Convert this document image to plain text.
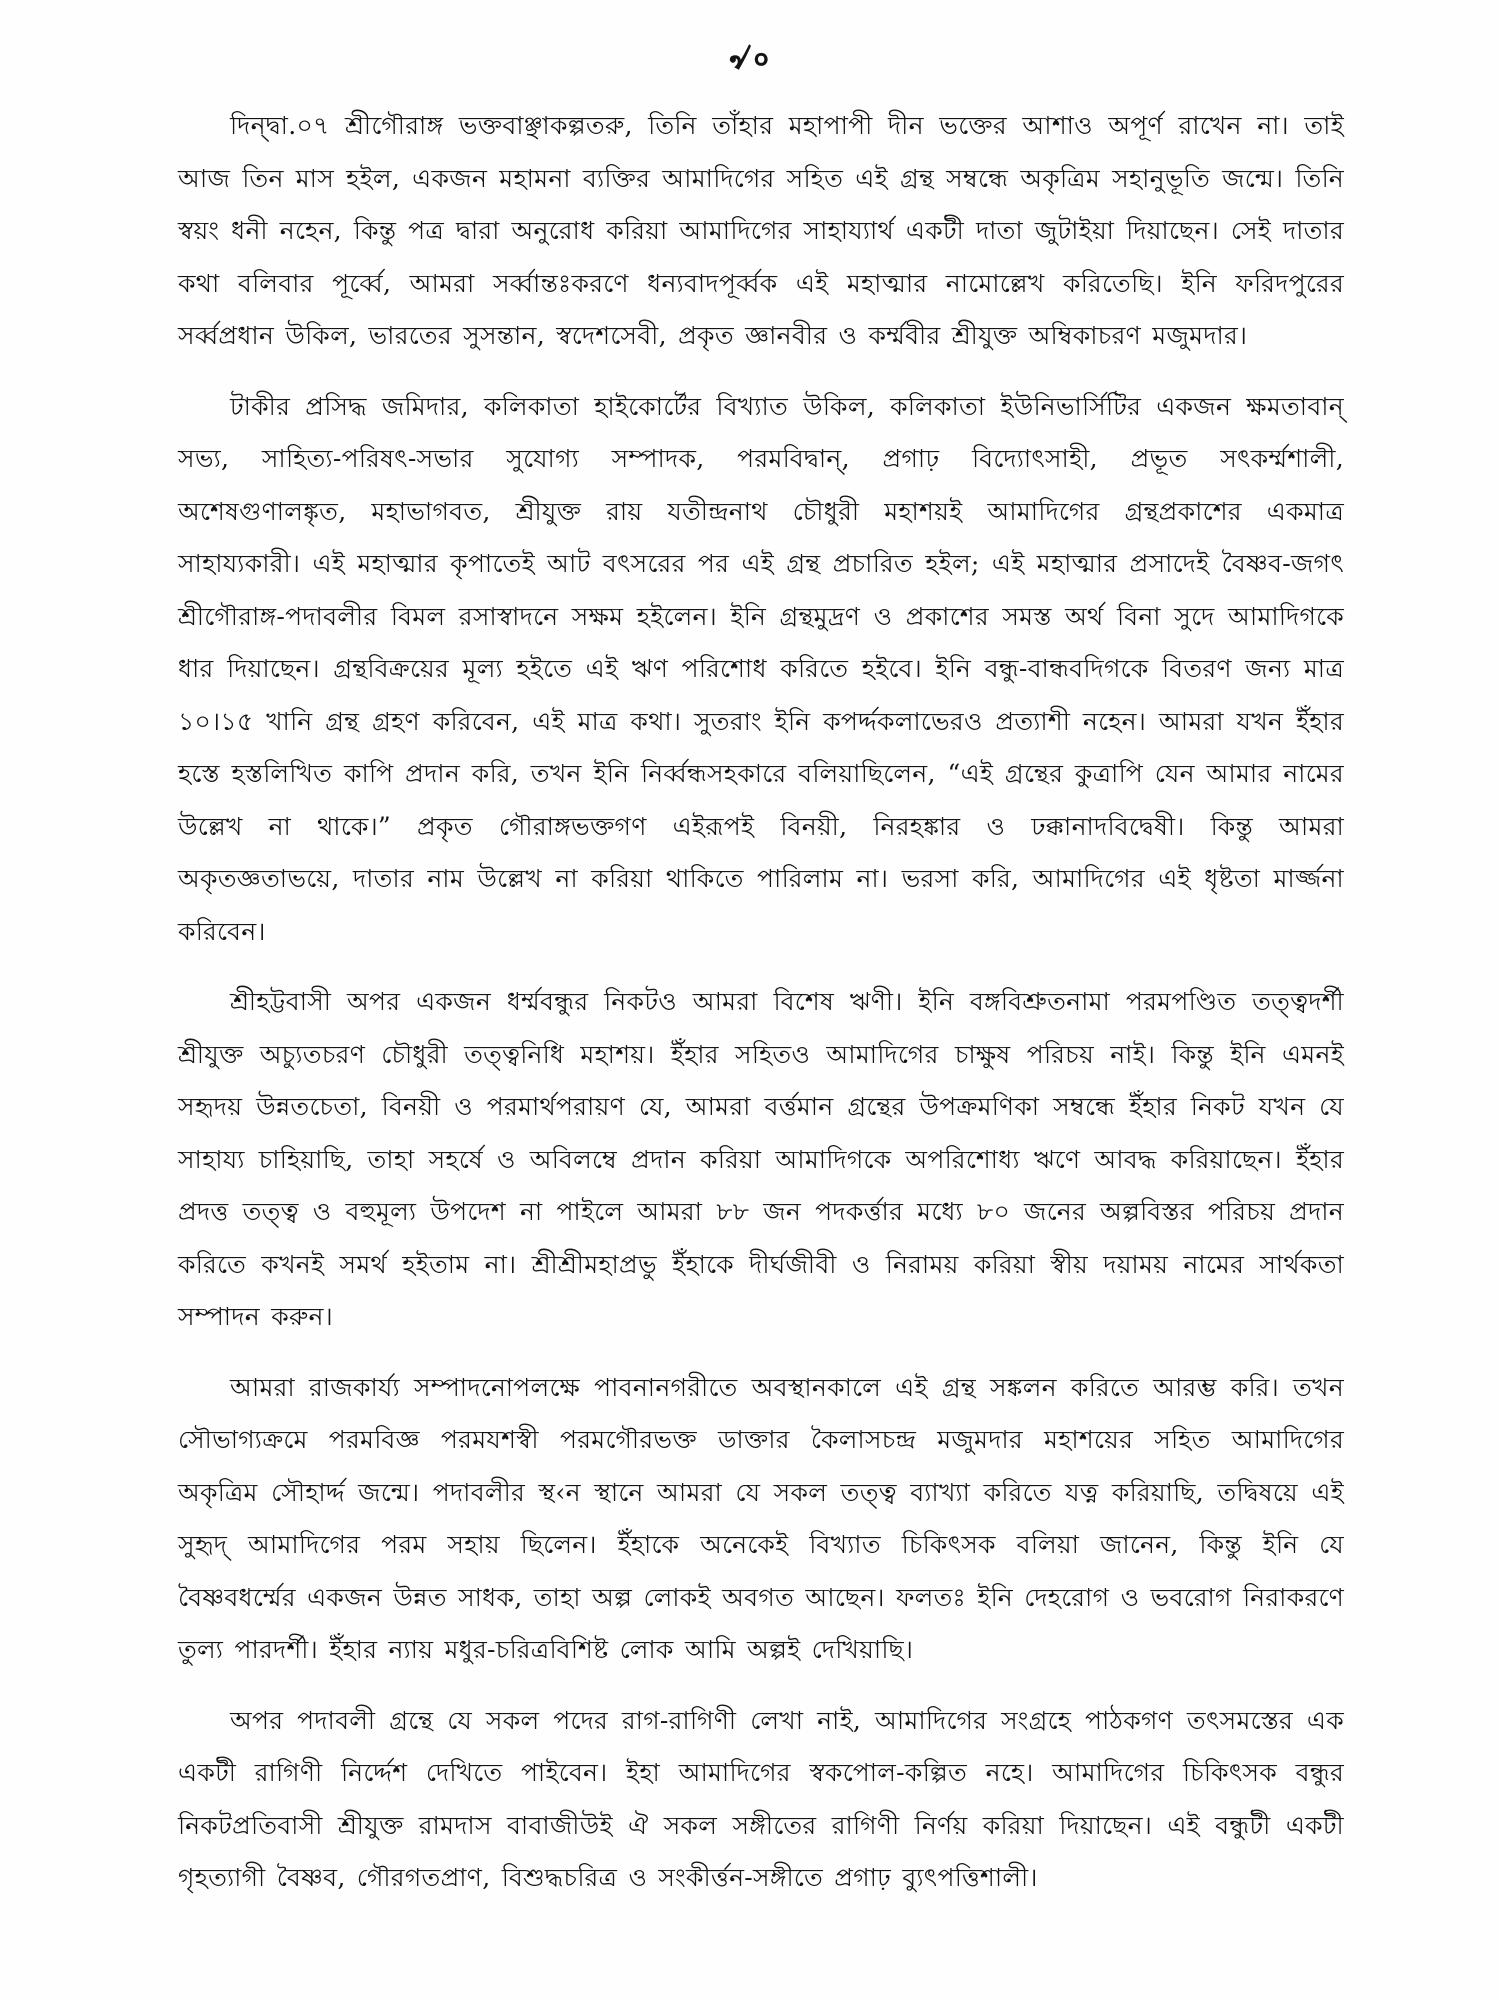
৵৹

দিন্দ্বা.০৭ শ্রীগৌরাঙ্গ ভক্তবাঞ্ছাকল্পতরু, তিনি তাঁহার মহাপাপী দীন ভক্তের আশাও অপূর্ণ রাখেন না। তাই আজ তিন মাস হইল, একজন মহামনা ব্যক্তির আমাদিগের সহিত এই গ্রন্থ সম্বন্ধে অকৃত্রিম সহানুভূতি জন্মে। তিনি স্বয়ং ধনী নহেন, কিন্তু পত্র দ্বারা অনুরোধ করিয়া আমাদিগের সাহায্যার্থ একটী দাতা জুটাইয়া দিয়াছেন। সেই দাতার কথা বলিবার পূর্ব্বে, আমরা সর্ব্বান্তঃকরণে ধন্যবাদপূর্ব্বক এই মহাত্মার নামোল্লেখ করিতেছি। ইনি ফরিদপুরের সর্ব্বপ্রধান উকিল, ভারতের সুসন্তান, স্বদেশসেবী, প্রকৃত জ্ঞানবীর ও কর্ম্মবীর শ্রীযুক্ত অম্বিকাচরণ মজুমদার।

টাকীর প্রসিদ্ধ জমিদার, কলিকাতা হাইকোর্টের বিখ্যাত উকিল, কলিকাতা ইউনিভার্সিটির একজন ক্ষমতাবান্ সভ্য, সাহিত্য-পরিষৎ-সভার সুযোগ্য সম্পাদক, পরমবিদ্বান্, প্রগাঢ় বিদ্যোৎসাহী, প্রভূত সৎকর্ম্মশালী, অশেষগুণালঙ্কৃত, মহাভাগবত, শ্রীযুক্ত রায় যতীন্দ্রনাথ চৌধুরী মহাশয়ই আমাদিগের গ্রন্থপ্রকাশের একমাত্র সাহায্যকারী। এই মহাত্মার কৃপাতেই আট বৎসরের পর এই গ্রন্থ প্রচারিত হইল; এই মহাত্মার প্রসাদেই বৈষ্ণব-জগৎ শ্রীগৌরাঙ্গ-পদাবলীর বিমল রসাস্বাদনে সক্ষম হইলেন। ইনি গ্রন্থমুদ্রণ ও প্রকাশের সমস্ত অর্থ বিনা সুদে আমাদিগকে ধার দিয়াছেন। গ্রন্থবিক্রয়ের মূল্য হইতে এই ঋণ পরিশোধ করিতে হইবে। ইনি বন্ধু-বান্ধবদিগকে বিতরণ জন্য মাত্র ১০।১৫ খানি গ্রন্থ গ্রহণ করিবেন, এই মাত্র কথা। সুতরাং ইনি কপর্দ্দকলাভেরও প্রত্যাশী নহেন। আমরা যখন ইঁহার হস্তে হস্তলিখিত কাপি প্রদান করি, তখন ইনি নির্ব্বন্ধসহকারে বলিয়াছিলেন, “এই গ্রন্থের কুত্রাপি যেন আমার নামের উল্লেখ না থাকে।” প্রকৃত গৌরাঙ্গভক্তগণ এইরূপই বিনয়ী, নিরহঙ্কার ও ঢক্কানাদবিদ্বেষী। কিন্তু আমরা অকৃতজ্ঞতাভয়ে, দাতার নাম উল্লেখ না করিয়া থাকিতে পারিলাম না। ভরসা করি, আমাদিগের এই ধৃষ্টতা মার্জ্জনা করিবেন।

শ্রীহট্টবাসী অপর একজন ধর্ম্মবন্ধুর নিকটও আমরা বিশেষ ঋণী। ইনি বঙ্গবিশ্রুতনামা পরমপণ্ডিত তত্ত্বদর্শী শ্রীযুক্ত অচ্যুতচরণ চৌধুরী তত্ত্বনিধি মহাশয়। ইঁহার সহিতও আমাদিগের চাক্ষুষ পরিচয় নাই। কিন্তু ইনি এমনই সহৃদয় উন্নতচেতা, বিনয়ী ও পরমার্থপরায়ণ যে, আমরা বর্ত্তমান গ্রন্থের উপক্রমণিকা সম্বন্ধে ইঁহার নিকট যখন যে সাহায্য চাহিয়াছি, তাহা সহর্ষে ও অবিলম্বে প্রদান করিয়া আমাদিগকে অপরিশোধ্য ঋণে আবদ্ধ করিয়াছেন। ইঁহার প্রদত্ত তত্ত্ব ও বহুমূল্য উপদেশ না পাইলে আমরা ৮৮ জন পদকর্ত্তার মধ্যে ৮০ জনের অল্পবিস্তর পরিচয় প্রদান করিতে কখনই সমর্থ হইতাম না। শ্রীশ্রীমহাপ্রভু ইঁহাকে দীর্ঘজীবী ও নিরাময় করিয়া স্বীয় দয়াময় নামের সার্থকতা সম্পাদন করুন।

আমরা রাজকার্য্য সম্পাদনোপলক্ষে পাবনানগরীতে অবস্থানকালে এই গ্রন্থ সঙ্কলন করিতে আরম্ভ করি। তখন সৌভাগ্যক্রমে পরমবিজ্ঞ পরমযশস্বী পরমগৌরভক্ত ডাক্তার কৈলাসচন্দ্র মজুমদার মহাশয়ের সহিত আমাদিগের অকৃত্রিম সৌহার্দ্দ জন্মে। পদাবলীর স্থ‹ন স্থানে আমরা যে সকল তত্ত্ব ব্যাখ্যা করিতে যত্ন করিয়াছি, তদ্বিষয়ে এই সুহৃদ্ আমাদিগের পরম সহায় ছিলেন। ইঁহাকে অনেকেই বিখ্যাত চিকিৎসক বলিয়া জানেন, কিন্তু ইনি যে বৈষ্ণবধর্ম্মের একজন উন্নত সাধক, তাহা অল্প লোকই অবগত আছেন। ফলতঃ ইনি দেহরোগ ও ভবরোগ নিরাকরণে তুল্য পারদর্শী। ইঁহার ন্যায় মধুর-চরিত্রবিশিষ্ট লোক আমি অল্পই দেখিয়াছি।

অপর পদাবলী গ্রন্থে যে সকল পদের রাগ-রাগিণী লেখা নাই, আমাদিগের সংগ্রহে পাঠকগণ তৎসমস্তের এক একটী রাগিণী নির্দ্দেশ দেখিতে পাইবেন। ইহা আমাদিগের স্বকপোল-কল্পিত নহে। আমাদিগের চিকিৎসক বন্ধুর নিকটপ্রতিবাসী শ্রীযুক্ত রামদাস বাবাজীউই ঐ সকল সঙ্গীতের রাগিণী নির্ণয় করিয়া দিয়াছেন। এই বন্ধুটী একটী গৃহত্যাগী বৈষ্ণব, গৌরগতপ্রাণ, বিশুদ্ধচরিত্র ও সংকীর্ত্তন-সঙ্গীতে প্রগাঢ় ব্যুৎপত্তিশালী।
